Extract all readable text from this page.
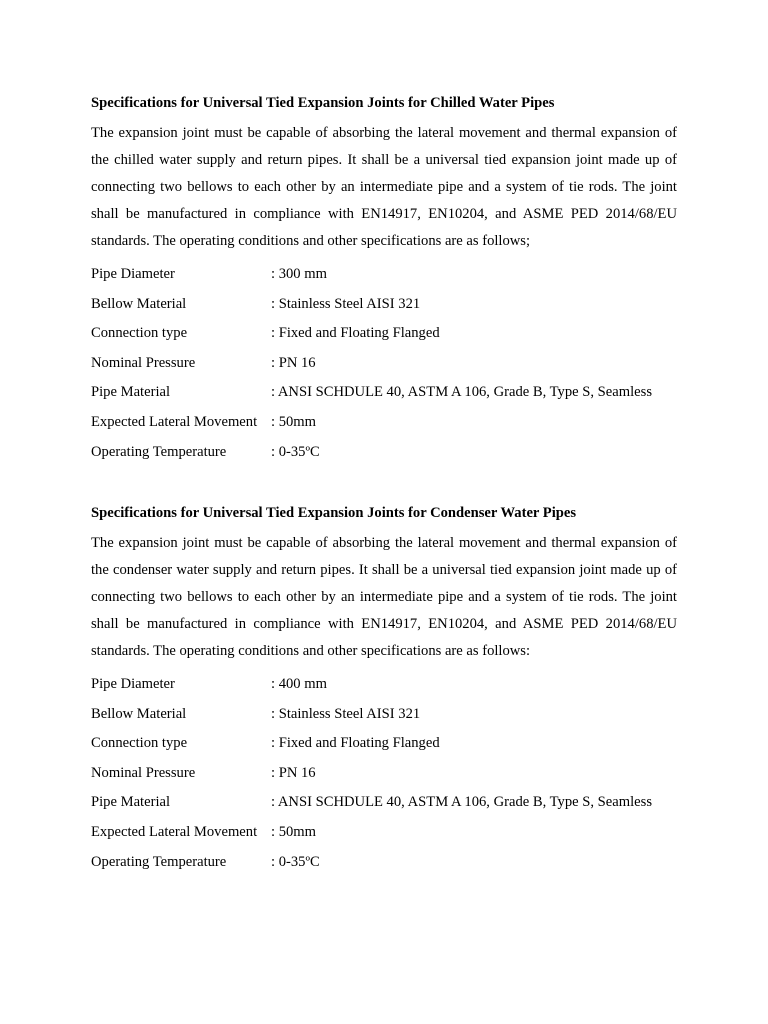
Specifications for Universal Tied Expansion Joints for Chilled Water Pipes

The expansion joint must be capable of absorbing the lateral movement and thermal expansion of the chilled water supply and return pipes. It shall be a universal tied expansion joint made up of connecting two bellows to each other by an intermediate pipe and a system of tie rods. The joint shall be manufactured in compliance with EN14917, EN10204, and ASME PED 2014/68/EU standards. The operating conditions and other specifications are as follows;

Pipe Diameter	: 300 mm
Bellow Material	: Stainless Steel AISI 321
Connection type	: Fixed and Floating Flanged
Nominal Pressure	: PN 16
Pipe Material	: ANSI SCHDULE 40, ASTM A 106, Grade B, Type S, Seamless
Expected Lateral Movement : 50mm
Operating Temperature	: 0-35ºC

Specifications for Universal Tied Expansion Joints for Condenser Water Pipes

The expansion joint must be capable of absorbing the lateral movement and thermal expansion of the condenser water supply and return pipes. It shall be a universal tied expansion joint made up of connecting two bellows to each other by an intermediate pipe and a system of tie rods. The joint shall be manufactured in compliance with EN14917, EN10204, and ASME PED 2014/68/EU standards. The operating conditions and other specifications are as follows:

Pipe Diameter	: 400 mm
Bellow Material	: Stainless Steel AISI 321
Connection type	: Fixed and Floating Flanged
Nominal Pressure	: PN 16
Pipe Material	: ANSI SCHDULE 40, ASTM A 106, Grade B, Type S, Seamless
Expected Lateral Movement : 50mm
Operating Temperature	: 0-35ºC
